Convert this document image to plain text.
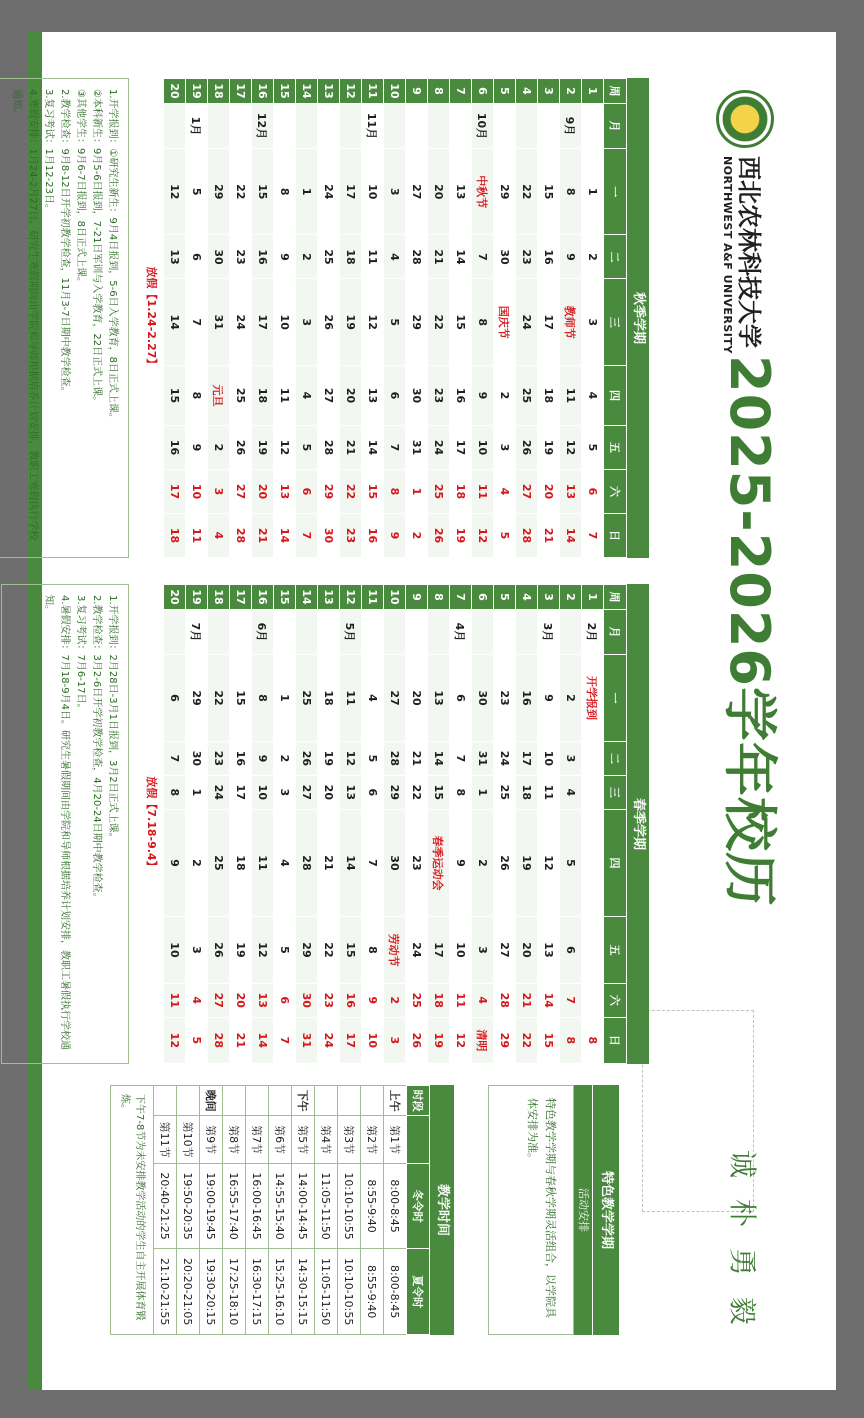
西北农林科技大学
NORTHWEST A&F UNIVERSITY
2025-2026学年校历
诚 朴 勇 毅
秋季学期
周	月	一	二	三	四	五	六	日
1		1	2	3	4	5	6	7
2	9月	8	9	教师节	11	12	13	14
3		15	16	17	18	19	20	21
4		22	23	24	25	26	27	28
5		29	30	国庆节	2	3	4	5
6	10月	中秋节	7	8	9	10	11	12
7		13	14	15	16	17	18	19
8		20	21	22	23	24	25	26
9		27	28	29	30	31	1	2
10		3	4	5	6	7	8	9
11	11月	10	11	12	13	14	15	16
12		17	18	19	20	21	22	23
13		24	25	26	27	28	29	30
14		1	2	3	4	5	6	7
15		8	9	10	11	12	13	14
16	12月	15	16	17	18	19	20	21
17		22	23	24	25	26	27	28
18		29	30	31	元旦	2	3	4
19	1月	5	6	7	8	9	10	11
20		12	13	14	15	16	17	18
放假【1.24-2.27】								
1.开学报到：①研究生新生：9月4日报到，5-6日入学教育，8日正式上课。
②本科新生：9月5-6日报到，7-21日军训与入学教育，22日正式上课。
③其他学生：9月6-7日报到，8日正式上课。
2.教学检查：9月8-12日开学初教学检查，11月3-7日期中教学检查。
3.复习考试：1月12-23日。
4.寒假安排：1月24-2月27日。研究生寒假期间由学院和导师根据培养计划安排，教职工寒假执行学校通知。
春季学期
周	月	一	二	三	四	五	六	日
1	2月	开学报到						8
2		2	3	4	5	6	7	8
3	3月	9	10	11	12	13	14	15
4		16	17	18	19	20	21	22
5		23	24	25	26	27	28	29
6		30	31	1	2	3	4	清明
7	4月	6	7	8	9	10	11	12
8		13	14	15	春季运动会	17	18	19
9		20	21	22	23	24	25	26
10		27	28	29	30	劳动节	2	3
11		4	5	6	7	8	9	10
12	5月	11	12	13	14	15	16	17
13		18	19	20	21	22	23	24
14		25	26	27	28	29	30	31
15		1	2	3	4	5	6	7
16	6月	8	9	10	11	12	13	14
17		15	16	17	18	19	20	21
18		22	23	24	25	26	27	28
19	7月	29	30	1	2	3	4	5
20		6	7	8	9	10	11	12
放假【7.18-9.4】								
1.开学报到：2月28日-3月1日报到，3月2日正式上课。
2.教学检查：3月2-6日开学初教学检查，4月20-24日期中教学检查。
3.复习考试：7月6-17日。
4.暑假安排：7月18-9月4日。研究生暑假期间由学院和导师根据培养计划安排，教职工暑假执行学校通知。
特色教学学期
活动安排
特色教学学期与春秋学期灵活组合，以学院具体安排为准。
教学时间
时段		冬令时	夏令时
上午	第1节	8:00-8:45	8:00-8:45
	第2节	8:55-9:40	8:55-9:40
	第3节	10:10-10:55	10:10-10:55
	第4节	11:05-11:50	11:05-11:50
下午	第5节	14:00-14:45	14:30-15:15
	第6节	14:55-15:40	15:25-16:10
	第7节	16:00-16:45	16:30-17:15
	第8节	16:55-17:40	17:25-18:10
晚间	第9节	19:00-19:45	19:30-20:15
	第10节	19:50-20:35	20:20-21:05
	第11节	20:40-21:25	21:10-21:55
下午7-8节为未安排教学活动的学生自主开展体育锻炼。
